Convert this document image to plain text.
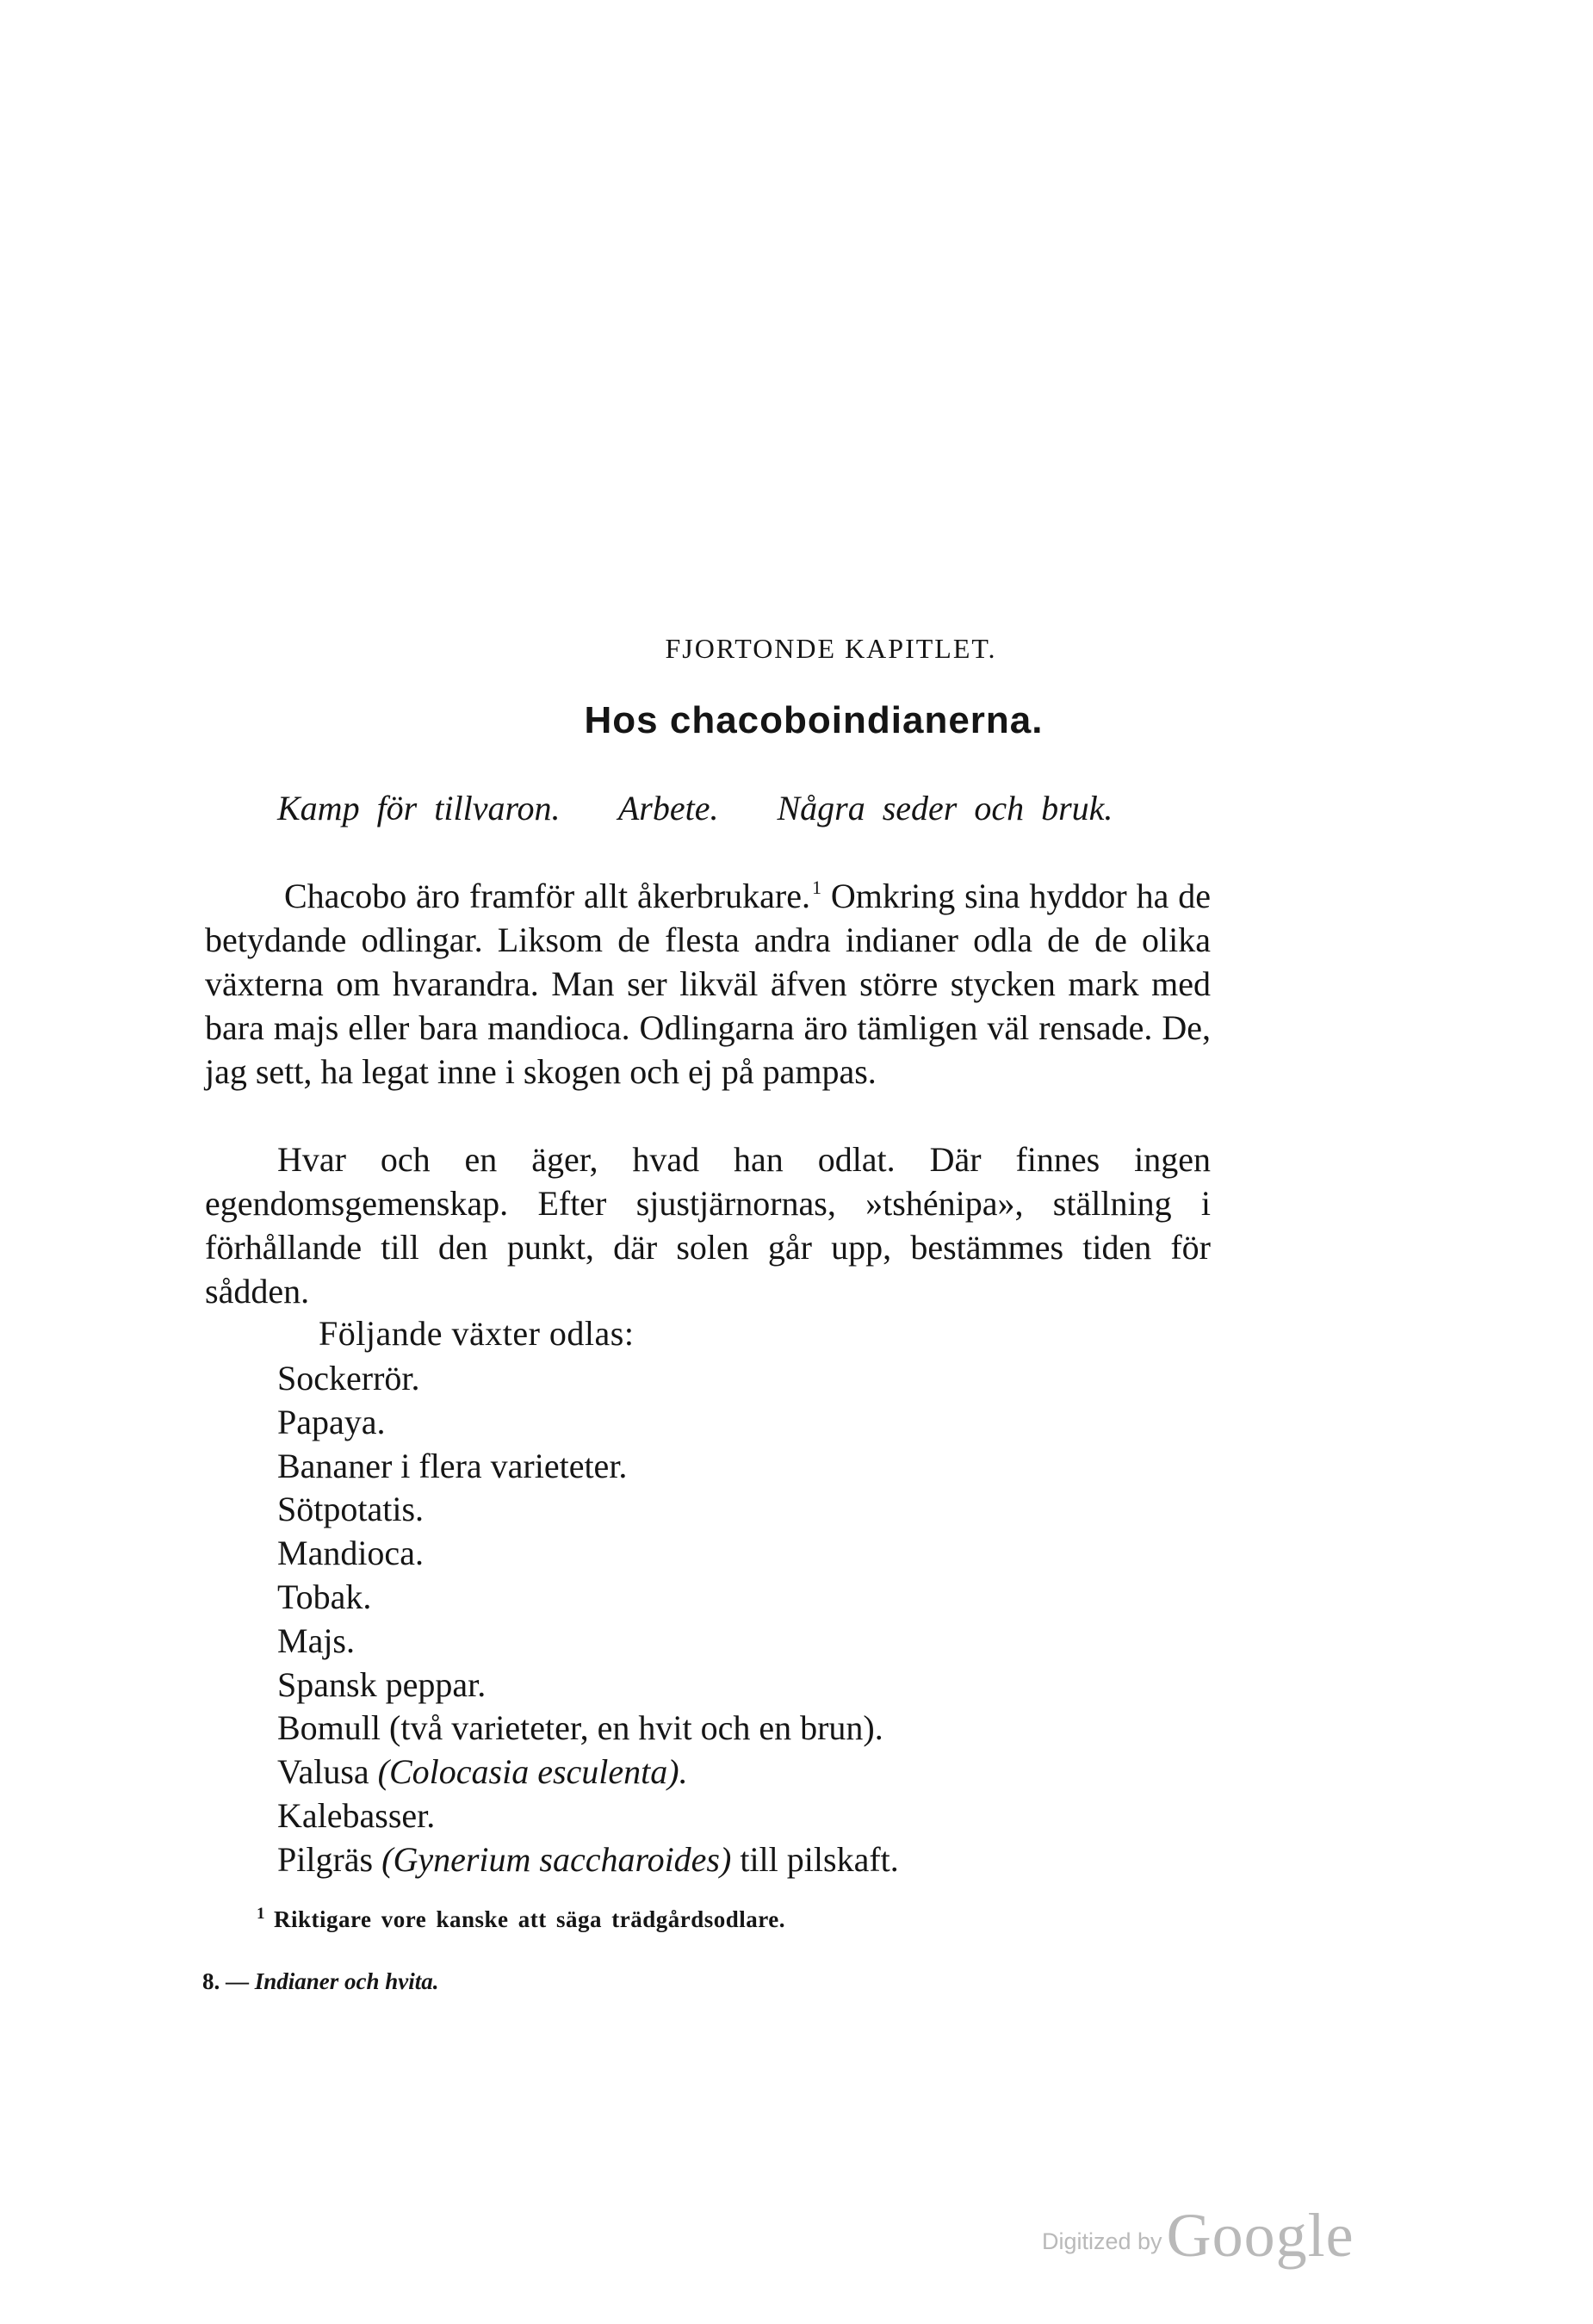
FJORTONDE KAPITLET.
Hos chacoboindianerna.
Kamp för tillvaron. Arbete. Några seder och bruk.
Chacobo äro framför allt åkerbrukare.$^1$ Omkring sina hyddor ha de betydande odlingar. Liksom de flesta andra indianer odla de de olika växterna om hvarandra. Man ser likväl äfven större stycken mark med bara majs eller bara mandioca. Odlingarna äro tämligen väl rensade. De, jag sett, ha legat inne i skogen och ej på pampas.
Hvar och en äger, hvad han odlat. Där finnes ingen egendomsgemenskap. Efter sjustjärnornas, »tshénipa», ställning i förhållande till den punkt, där solen går upp, bestämmes tiden för sådden.
Följande växter odlas:
Sockerrör.
Papaya.
Bananer i flera varieteter.
Sötpotatis.
Mandioca.
Tobak.
Majs.
Spansk peppar.
Bomull (två varieteter, en hvit och en brun).
Valusa (Colocasia esculenta).
Kalebasser.
Pilgräs (Gynerium saccharoides) till pilskaft.
$^1$ Riktigare vore kanske att säga trädgårdsodlare.
8. — Indianer och hvita.
Digitized by Google
